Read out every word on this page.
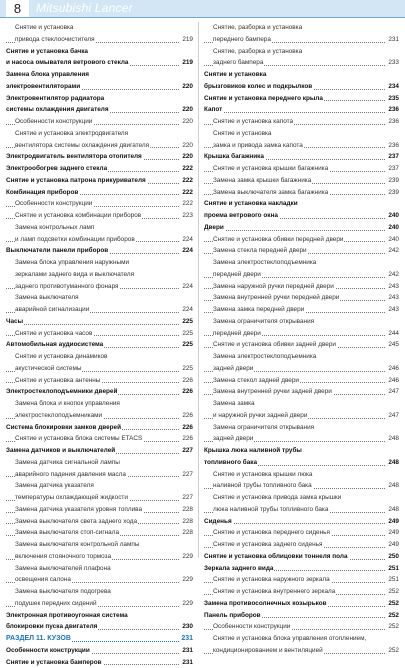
8	Mitsubishi Lancer
Снятие и установка
привода стеклоочистителя	219
Снятие и установка бачка
и насоса омывателя ветрового стекла	219
Замена блока управления
электровентиляторами	220
Электровентилятор радиатора
системы охлаждения двигателя	220
Особенности конструкции	220
Снятие и установка электродвигателя
вентилятора системы охлаждения двигателя	220
Электродвигатель вентилятора отопителя	220
Электрообогрев заднего стекла	222
Снятие и установка патрона прикуривателя	222
Комбинация приборов	222
Особенности конструкции	222
Снятие и установка комбинации приборов	223
Замена контрольных ламп
и ламп подсветки комбинации приборов	224
Выключатели панели приборов	224
Замена блока управления наружными
зеркалами заднего вида и выключателя
заднего противотуманного фонаря	224
Замена выключателя
аварийной сигнализации	224
Часы	225
Снятие и установка часов	225
Автомобильная аудиосистема	225
Снятие и установка динамиков
акустической системы	225
Снятие и установка антенны	226
Электростеклоподъемники дверей	226
Замена блока и кнопок управления
электростеклоподъемниками	226
Система блокировки замков дверей	226
Снятие и установка блока системы ETACS	226
Замена датчиков и выключателей	227
Замена датчика сигнальной лампы
аварийного падения давления масла	227
Замена датчика указателя
температуры охлаждающей жидкости	227
Замена датчика указателя уровня топлива	228
Замена выключателя света заднего хода	228
Замена выключателя стоп-сигнала	228
Замена выключателя контрольной лампы
включения стояночного тормоза	229
Замена выключателей плафона
освещения салона	229
Замена выключателя подогрева
подушек передних сидений	229
Электронная противоугонная система
блокировки пуска двигателя	230
РАЗДЕЛ 11. КУЗОВ	231
Особенности конструкции	231
Снятие и установка бамперов	231
Снятие, разборка и установка
переднего бампера	231
Снятие, разборка и установка
заднего бампера	233
Снятие и установка
брызговиков колес и подкрылков	234
Снятие и установка переднего крыла	235
Капот	236
Снятие и установка капота	236
Снятие и установка
замка и привода замка капота	236
Крышка багажника	237
Снятие и установка крышки багажника	237
Замена замка крышки багажника	239
Замена выключателя замка багажника	239
Снятие и установка накладки
проема ветрового окна	240
Двери	240
Снятие и установка обивки передней двери	240
Замена стекла передней двери	242
Замена электростеклоподъемника
передней двери	242
Замена наружной ручки передней двери	243
Замена внутренней ручки передней двери	243
Замена замка передней двери	243
Замена ограничителя открывания
передней двери	244
Снятие и установка обивки задней двери	245
Замена электростеклоподъемника
задней двери	246
Замена стекол задней двери	246
Замена внутренней ручки задней двери	247
Замена замка
и наружной ручки задней двери	247
Замена ограничителя открывания
задней двери	248
Крышка люка наливной трубы
топливного бака	248
Снятие и установка крышки люка
наливной трубы топливного бака	248
Снятие и установка привода замка крышки
люка наливной трубы топливного бака	248
Сиденья	249
Снятие и установка переднего сиденья	249
Снятие и установка заднего сиденья	249
Снятие и установка облицовки тоннеля пола	250
Зеркала заднего вида	251
Снятие и установка наружного зеркала	251
Снятие и установка внутреннего зеркала	252
Замена противосолнечных козырьков	252
Панель приборов	252
Особенности конструкции	252
Снятие и установка блока управления отоплением,
кондиционированием и вентиляцией	252
